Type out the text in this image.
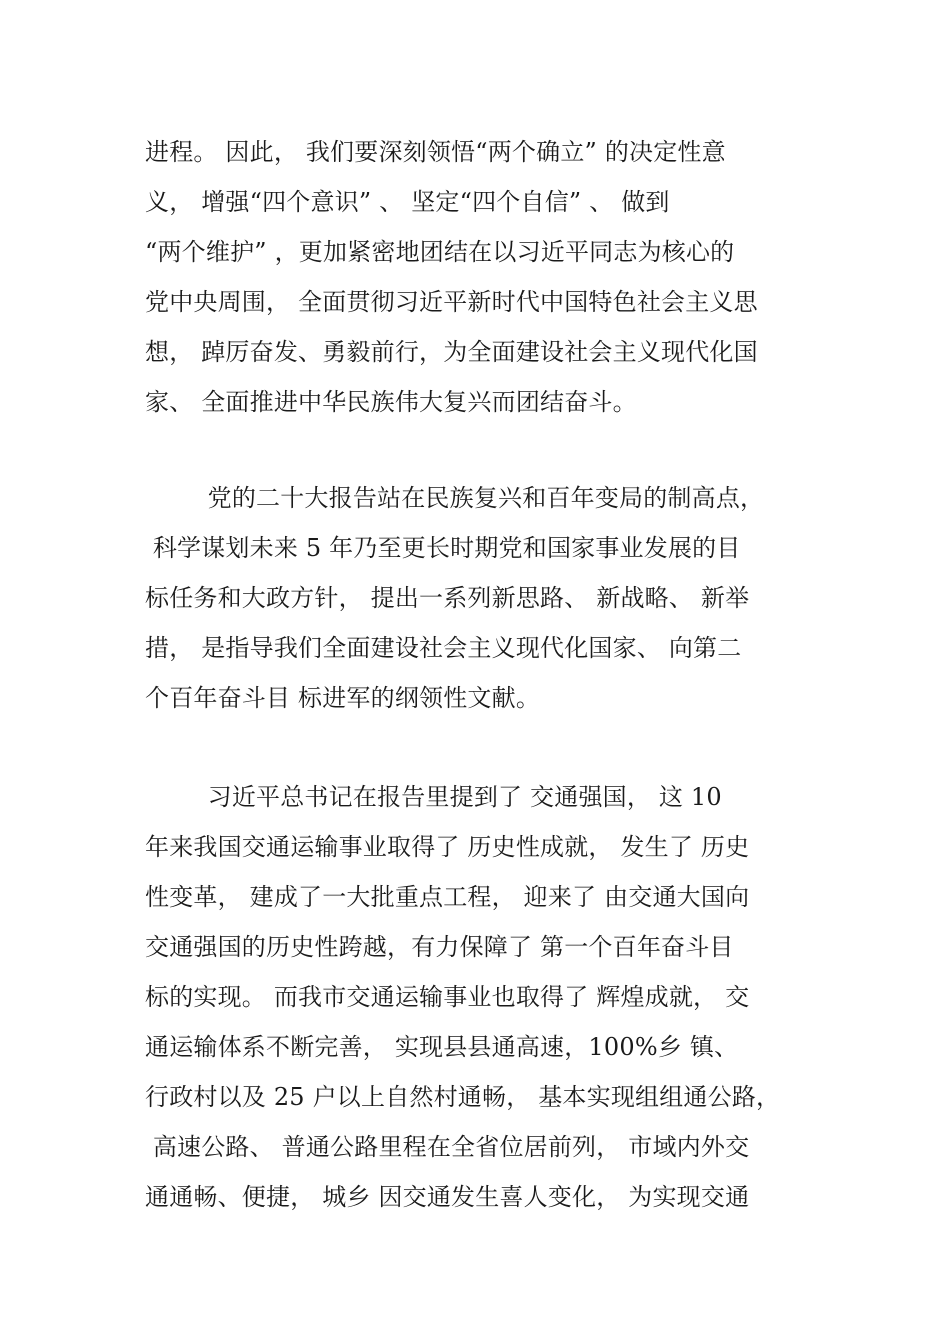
进程。 因此， 我们要深刻领悟“两个确立” 的决定性意
义， 增强“四个意识” 、 坚定“四个自信” 、 做到
“两个维护” ，更加紧密地团结在以习近平同志为核心的
党中央周围， 全面贯彻习近平新时代中国特色社会主义思
想， 踔厉奋发、勇毅前行，为全面建设社会主义现代化国
家、 全面推进中华民族伟大复兴而团结奋斗。
党的二十大报告站在民族复兴和百年变局的制高点，
科学谋划未来 5 年乃至更长时期党和国家事业发展的目
标任务和大政方针， 提出一系列新思路、 新战略、 新举
措， 是指导我们全面建设社会主义现代化国家、 向第二
个百年奋斗目 标进军的纲领性文献。
习近平总书记在报告里提到了 交通强国， 这 10
年来我国交通运输事业取得了 历史性成就， 发生了 历史
性变革， 建成了一大批重点工程， 迎来了 由交通大国向
交通强国的历史性跨越，有力保障了 第一个百年奋斗目
标的实现。 而我市交通运输事业也取得了 辉煌成就， 交
通运输体系不断完善， 实现县县通高速，100%乡 镇、
行政村以及 25 户以上自然村通畅， 基本实现组组通公路，
高速公路、 普通公路里程在全省位居前列， 市域内外交
通通畅、便捷， 城乡 因交通发生喜人变化， 为实现交通
